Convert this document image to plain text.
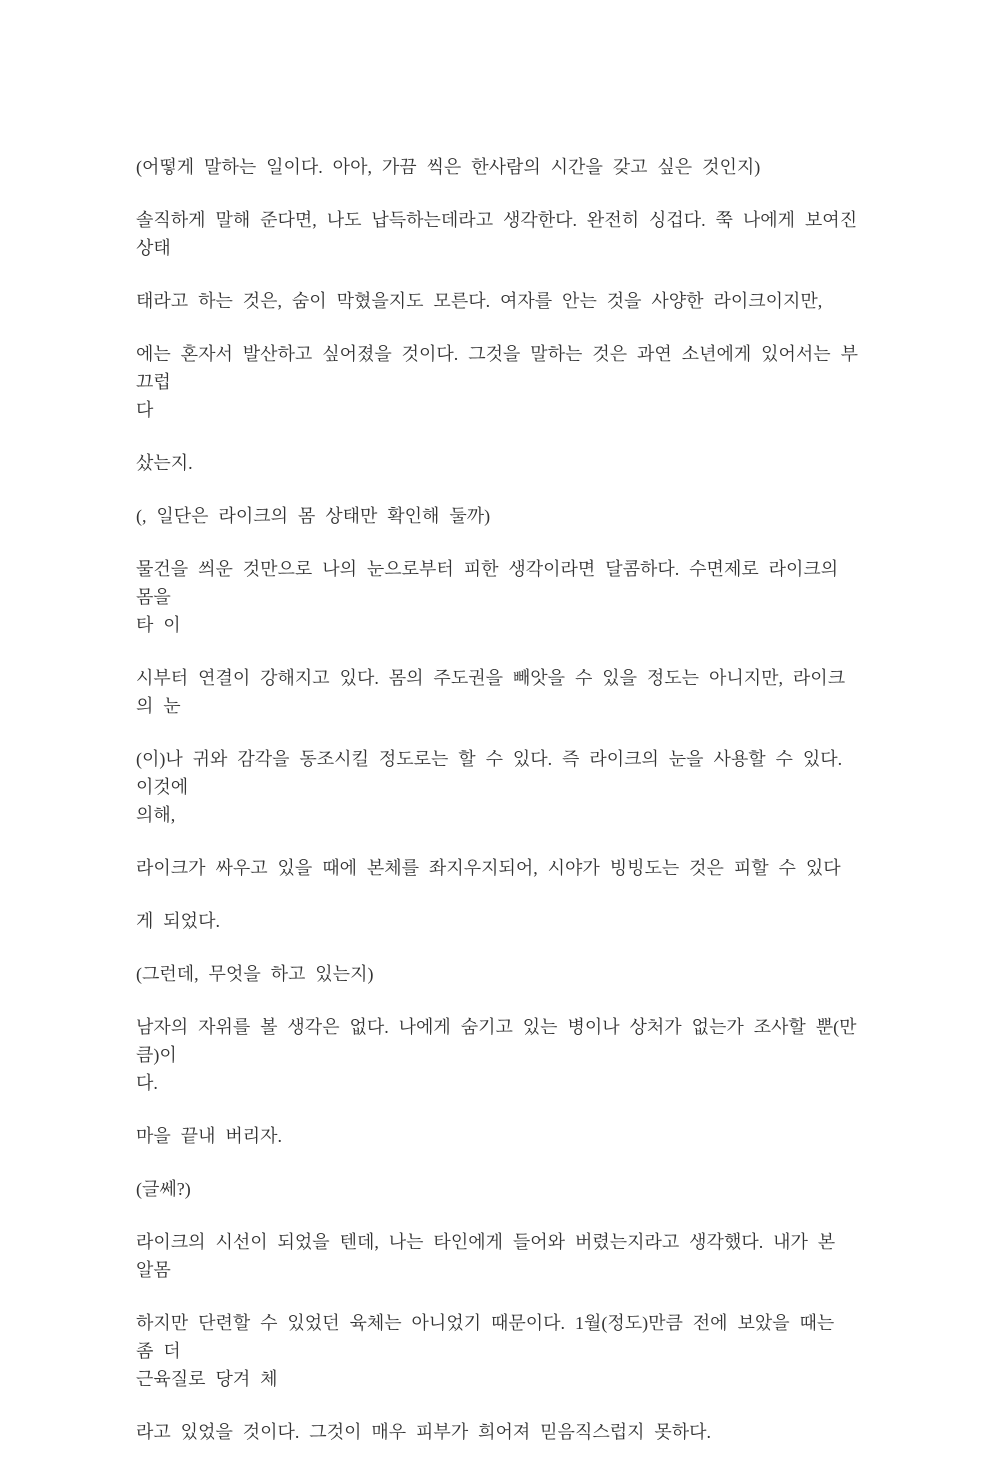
(어떻게 말하는 일이다. 아아, 가끔 씩은 한사람의 시간을 갖고 싶은 것인지)
솔직하게 말해 준다면, 나도 납득하는데라고 생각한다. 완전히 싱겁다. 쭉 나에게 보여진 상태
태라고 하는 것은, 숨이 막혔을지도 모른다. 여자를 안는 것을 사양한 라이크이지만,
에는 혼자서 발산하고 싶어졌을 것이다. 그것을 말하는 것은 과연 소년에게 있어서는 부끄럽
다
샀는지.
(, 일단은 라이크의 몸 상태만 확인해 둘까)
물건을 씌운 것만으로 나의 눈으로부터 피한 생각이라면 달콤하다. 수면제로 라이크의 몸을
타 이
시부터 연결이 강해지고 있다. 몸의 주도권을 빼앗을 수 있을 정도는 아니지만, 라이크의 눈
(이)나 귀와 감각을 동조시킬 정도로는 할 수 있다. 즉 라이크의 눈을 사용할 수 있다. 이것에
의해,
라이크가 싸우고 있을 때에 본체를 좌지우지되어, 시야가 빙빙도는 것은 피할 수 있다
게 되었다.
(그런데, 무엇을 하고 있는지)
남자의 자위를 볼 생각은 없다. 나에게 숨기고 있는 병이나 상처가 없는가 조사할 뿐(만큼)이
다.
마을 끝내 버리자.
(글쎄?)
라이크의 시선이 되었을 텐데, 나는 타인에게 들어와 버렸는지라고 생각했다. 내가 본 알몸
하지만 단련할 수 있었던 육체는 아니었기 때문이다. 1월(정도)만큼 전에 보았을 때는 좀 더
근육질로 당겨 체
라고 있었을 것이다. 그것이 매우 피부가 희어져 믿음직스럽지 못하다.
